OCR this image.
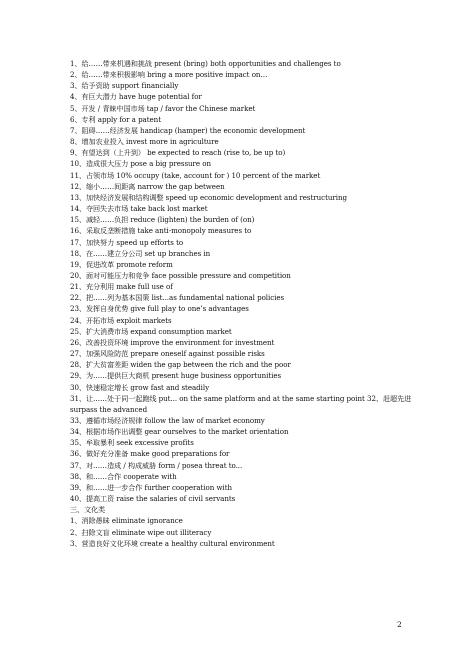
1、给……带来机遇和挑战 present (bring) both opportunities and challenges to
2、给……带来积极影响 bring a more positive impact on…
3、给予资助 support financially
4、有巨大潜力 have huge potential for
5、开发 / 青睐中国市场 tap / favor the Chinese market
6、专利 apply for a patent
7、阻碍……经济发展 handicap (hamper) the economic development
8、增加农业投入 invest more in agriculture
9、有望达到（上升到） be expected to reach (rise to, be up to)
10、造成很大压力 pose a big pressure on
11、占领市场 10% occupy (take, account for ) 10 percent of the market
12、缩小……间距离 narrow the gap between
13、加快经济发展和结构调整 speed up economic development and restructuring
14、夺回失去市场 take back lost market
15、减轻……负担 reduce (lighten) the burden of (on)
16、采取反垄断措施 take anti-monopoly measures to
17、加快努力 speed up efforts to
18、在……建立分公司 set up branches in
19、促进改革 promote reform
20、面对可能压力和竞争 face possible pressure and competition
21、充分利用 make full use of
22、把……列为基本国策 list...as fundamental national policies
23、发挥自身优势 give full play to one’s advantages
24、开拓市场 exploit markets
25、扩大消费市场 expand consumption market
26、改善投资环境 improve the environment for investment
27、加强风险防范 prepare oneself against possible risks
28、扩大贫富差距 widen the gap between the rich and the poor
29、为……提供巨大商机 present huge business opportunities
30、快速稳定增长 grow fast and steadily
31、让……处于同一起跑线 put... on the same platform and at the same starting point 32、赶超先进 surpass the advanced
33、遵循市场经济规律 follow the law of market economy
34、根据市场作出调整 gear ourselves to the market orientation
35、牟取暴利 seek excessive profits
36、做好充分准备 make good preparations for
37、对……造成 / 构成威胁 form / posea threat to...
38、和……合作 cooperate with
39、和……进一步合作 further cooperation with
40、提高工资 raise the salaries of civil servants
三、文化类
1、消除愚昧 eliminate ignorance
2、扫除文盲 eliminate wipe out illiteracy
3、营造良好文化环境 create a healthy cultural environment
2
